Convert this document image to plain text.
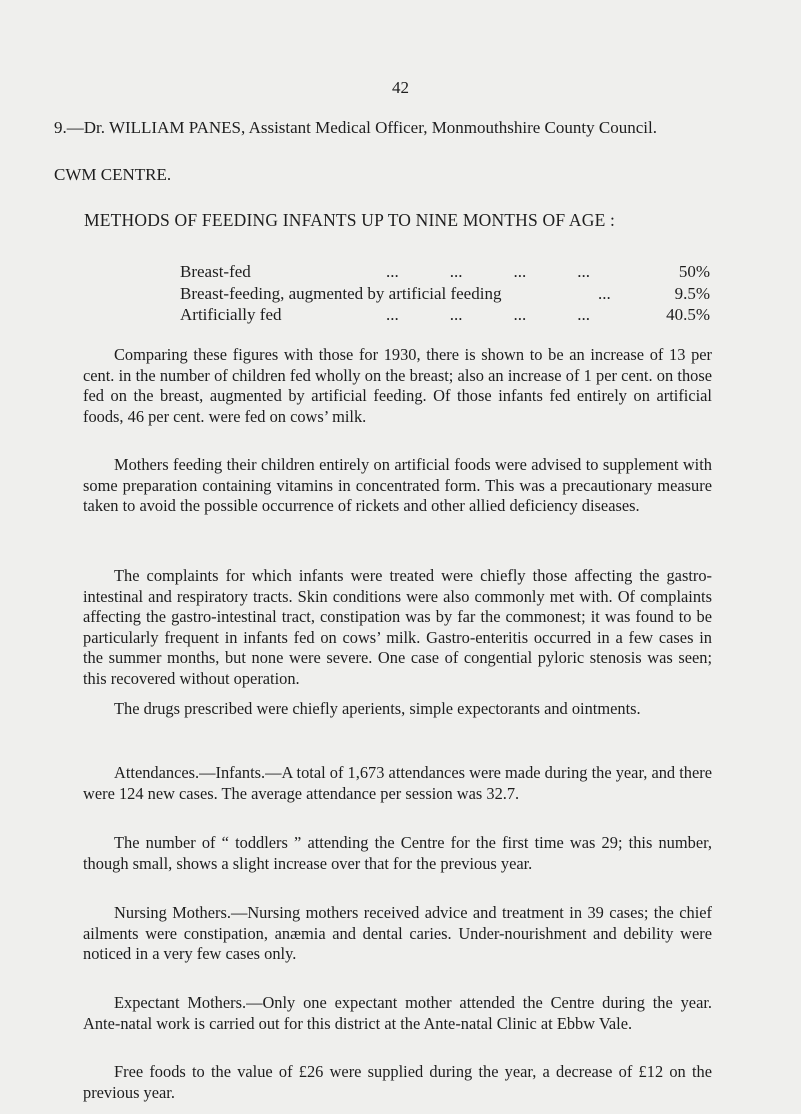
42
9.—Dr. WILLIAM PANES, Assistant Medical Officer, Monmouthshire County Council.
CWM CENTRE.
METHODS OF FEEDING INFANTS UP TO NINE MONTHS OF AGE :
Breast-fed	...            ...            ...            ...	50%
Breast-feeding, augmented by artificial feeding	...	9.5%
Artificially fed	...            ...            ...            ...	40.5%

Comparing these figures with those for 1930, there is shown to be an increase of 13 per cent. in the number of children fed wholly on the breast; also an increase of 1 per cent. on those fed on the breast, augmented by artificial feeding. Of those infants fed entirely on artificial foods, 46 per cent. were fed on cows’ milk.

Mothers feeding their children entirely on artificial foods were advised to supplement with some preparation containing vitamins in concentrated form. This was a precautionary measure taken to avoid the possible occurrence of rickets and other allied deficiency diseases.

The complaints for which infants were treated were chiefly those affecting the gastro-intestinal and respiratory tracts. Skin conditions were also commonly met with. Of complaints affecting the gastro-intestinal tract, constipation was by far the commonest; it was found to be particularly frequent in infants fed on cows’ milk. Gastro-enteritis occurred in a few cases in the summer months, but none were severe. One case of congential pyloric stenosis was seen; this recovered without operation.

The drugs prescribed were chiefly aperients, simple expectorants and ointments.

Attendances.—Infants.—A total of 1,673 attendances were made during the year, and there were 124 new cases. The average attendance per session was 32.7.

The number of “ toddlers ” attending the Centre for the first time was 29; this number, though small, shows a slight increase over that for the previous year.

Nursing Mothers.—Nursing mothers received advice and treatment in 39 cases; the chief ailments were constipation, anæmia and dental caries. Under-nourishment and debility were noticed in a very few cases only.

Expectant Mothers.—Only one expectant mother attended the Centre during the year. Ante-natal work is carried out for this district at the Ante-natal Clinic at Ebbw Vale.

Free foods to the value of £26 were supplied during the year, a decrease of £12 on the previous year.
